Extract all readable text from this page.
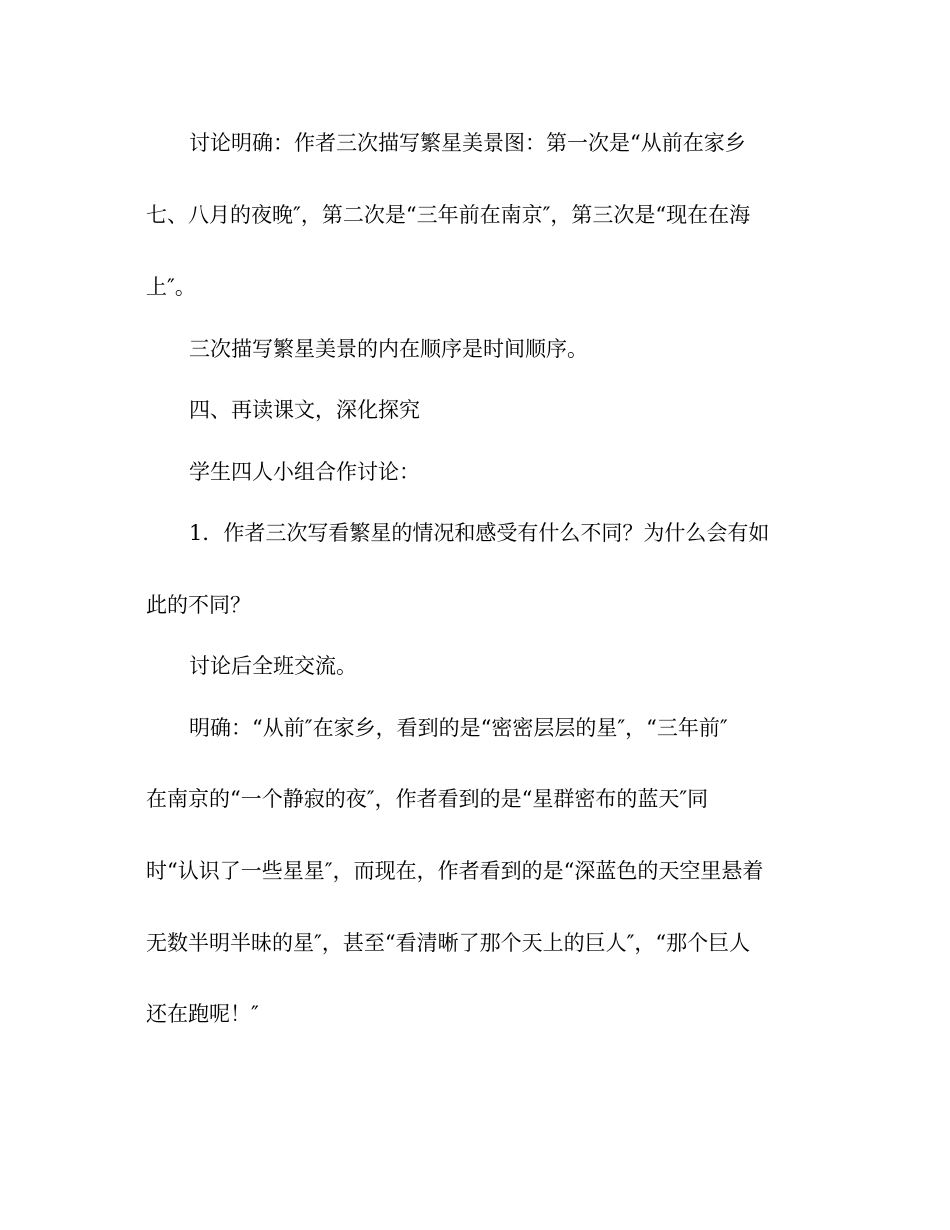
讨论明确：作者三次描写繁星美景图：第一次是“从前在家乡
七、八月的夜晚″，第二次是“三年前在南京″，第三次是“现在在海
上″。
三次描写繁星美景的内在顺序是时间顺序。
四、再读课文，深化探究
学生四人小组合作讨论：
1．作者三次写看繁星的情况和感受有什么不同？为什么会有如
此的不同？
讨论后全班交流。
明确：“从前″在家乡，看到的是“密密层层的星″，“三年前″
在南京的“一个静寂的夜″，作者看到的是“星群密布的蓝天″同
时“认识了一些星星″，而现在，作者看到的是“深蓝色的天空里悬着
无数半明半昧的星″，甚至“看清晰了那个天上的巨人″，“那个巨人
还在跑呢！″
